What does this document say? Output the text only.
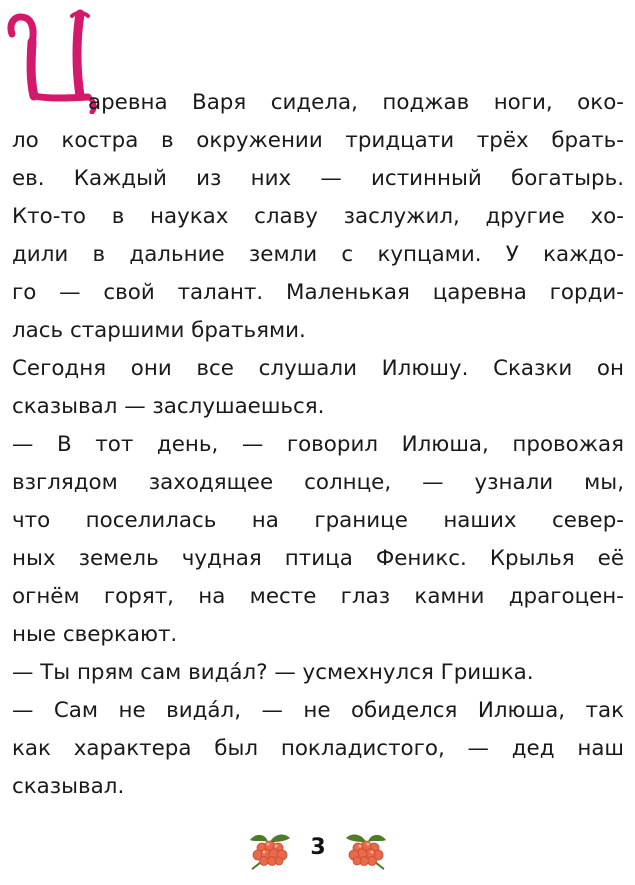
аревна Варя сидела, поджав ноги, око-
ло костра в окружении тридцати трёх брать-
ев. Каждый из них — истинный богатырь.
Кто-то в науках славу заслужил, другие хо-
дили в дальние земли с купцами. У каждо-
го — свой талант. Маленькая царевна горди-
лась старшими братьями.
Сегодня они все слушали Илюшу. Сказки он
сказывал — заслушаешься.
— В тот день, — говорил Илюша, провожая
взглядом заходящее солнце, — узнали мы,
что поселилась на границе наших север-
ных земель чудная птица Феникс. Крылья её
огнём горят, на месте глаз камни драгоцен-
ные сверкают.
— Ты прям сам вида́л? — усмехнулся Гришка.
— Сам не вида́л, — не обиделся Илюша, так
как характера был покладистого, — дед наш
сказывал.
3
